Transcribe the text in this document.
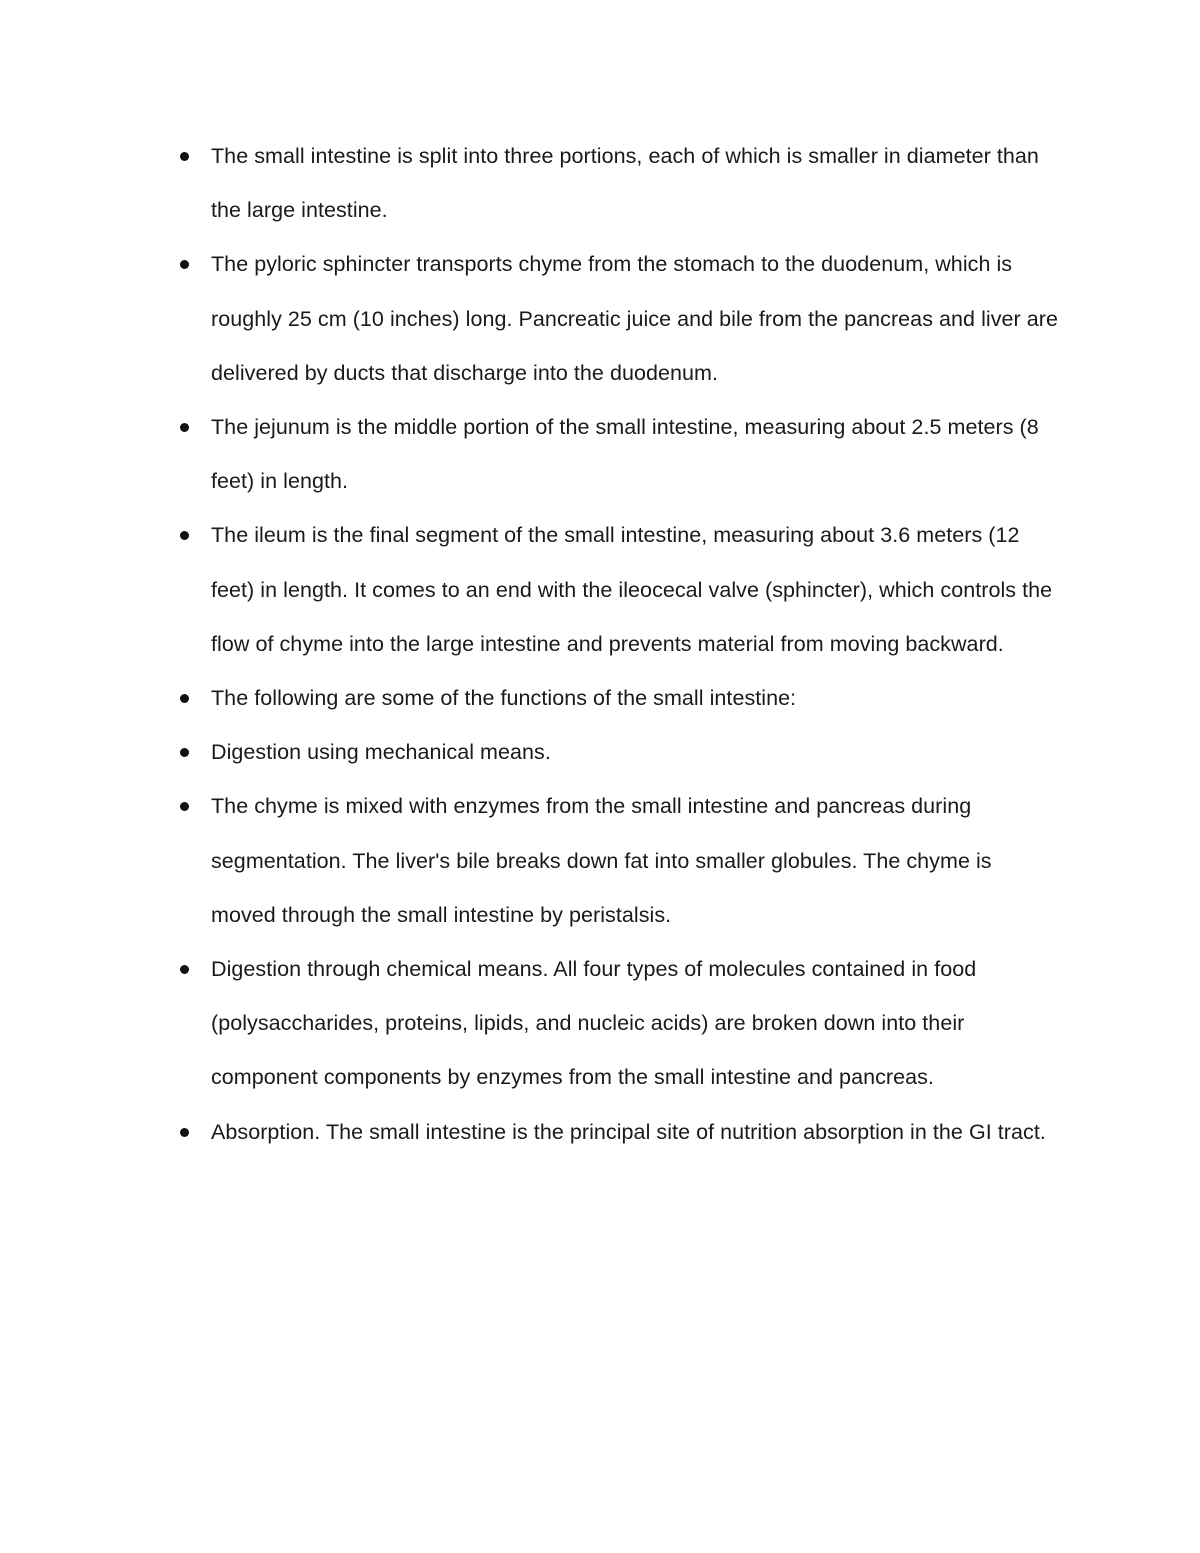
The small intestine is split into three portions, each of which is smaller in diameter than the large intestine.
The pyloric sphincter transports chyme from the stomach to the duodenum, which is roughly 25 cm (10 inches) long. Pancreatic juice and bile from the pancreas and liver are delivered by ducts that discharge into the duodenum.
The jejunum is the middle portion of the small intestine, measuring about 2.5 meters (8 feet) in length.
The ileum is the final segment of the small intestine, measuring about 3.6 meters (12 feet) in length. It comes to an end with the ileocecal valve (sphincter), which controls the flow of chyme into the large intestine and prevents material from moving backward.
The following are some of the functions of the small intestine:
Digestion using mechanical means.
The chyme is mixed with enzymes from the small intestine and pancreas during segmentation. The liver's bile breaks down fat into smaller globules. The chyme is moved through the small intestine by peristalsis.
Digestion through chemical means. All four types of molecules contained in food (polysaccharides, proteins, lipids, and nucleic acids) are broken down into their component components by enzymes from the small intestine and pancreas.
Absorption. The small intestine is the principal site of nutrition absorption in the GI tract.
